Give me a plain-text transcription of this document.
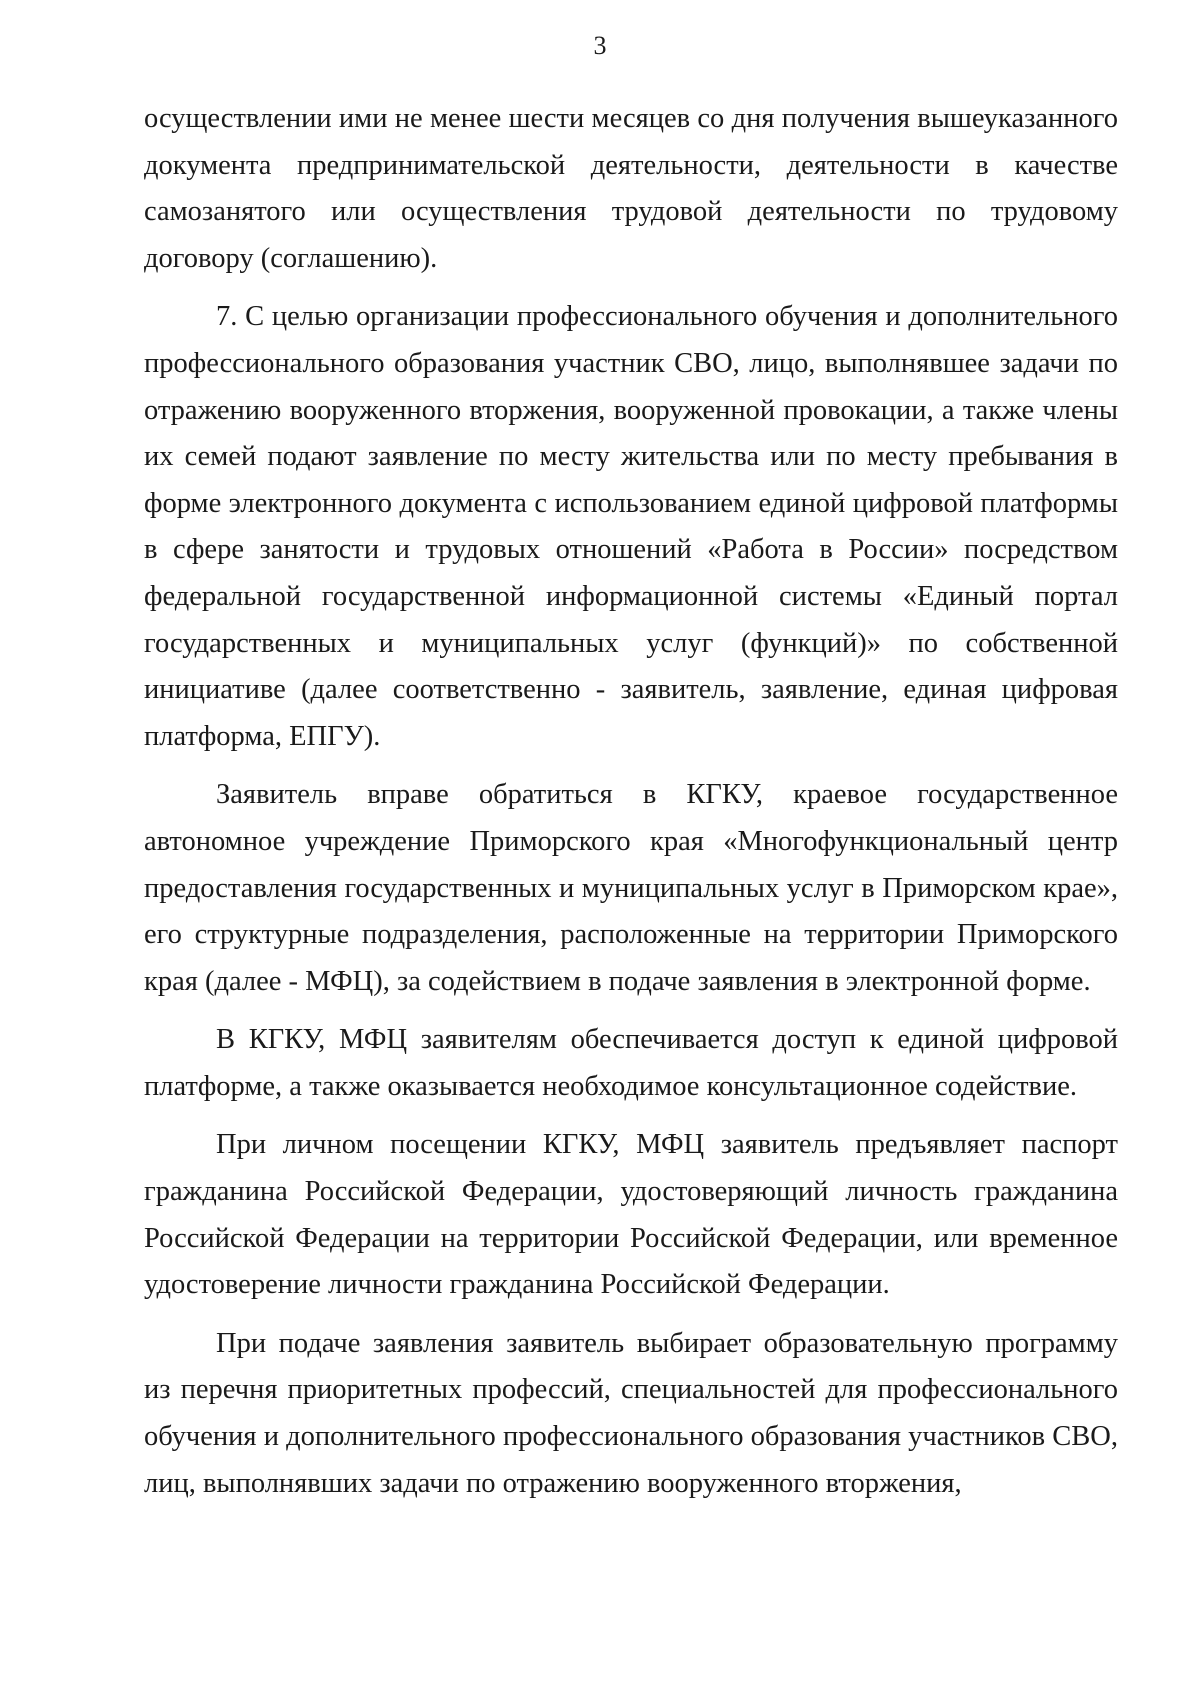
3

осуществлении ими не менее шести месяцев со дня получения вышеуказанного документа предпринимательской деятельности, деятельности в качестве самозанятого или осуществления трудовой деятельности по трудовому договору (соглашению).

7. С целью организации профессионального обучения и дополнительного профессионального образования участник СВО, лицо, выполнявшее задачи по отражению вооруженного вторжения, вооруженной провокации, а также члены их семей подают заявление по месту жительства или по месту пребывания в форме электронного документа с использованием единой цифровой платформы в сфере занятости и трудовых отношений «Работа в России» посредством федеральной государственной информационной системы «Единый портал государственных и муниципальных услуг (функций)» по собственной инициативе (далее соответственно - заявитель, заявление, единая цифровая платформа, ЕПГУ).

Заявитель вправе обратиться в КГКУ, краевое государственное автономное учреждение Приморского края «Многофункциональный центр предоставления государственных и муниципальных услуг в Приморском крае», его структурные подразделения, расположенные на территории Приморского края (далее - МФЦ), за содействием в подаче заявления в электронной форме.

В КГКУ, МФЦ заявителям обеспечивается доступ к единой цифровой платформе, а также оказывается необходимое консультационное содействие.

При личном посещении КГКУ, МФЦ заявитель предъявляет паспорт гражданина Российской Федерации, удостоверяющий личность гражданина Российской Федерации на территории Российской Федерации, или временное удостоверение личности гражданина Российской Федерации.

При подаче заявления заявитель выбирает образовательную программу из перечня приоритетных профессий, специальностей для профессионального обучения и дополнительного профессионального образования участников СВО, лиц, выполнявших задачи по отражению вооруженного вторжения,
